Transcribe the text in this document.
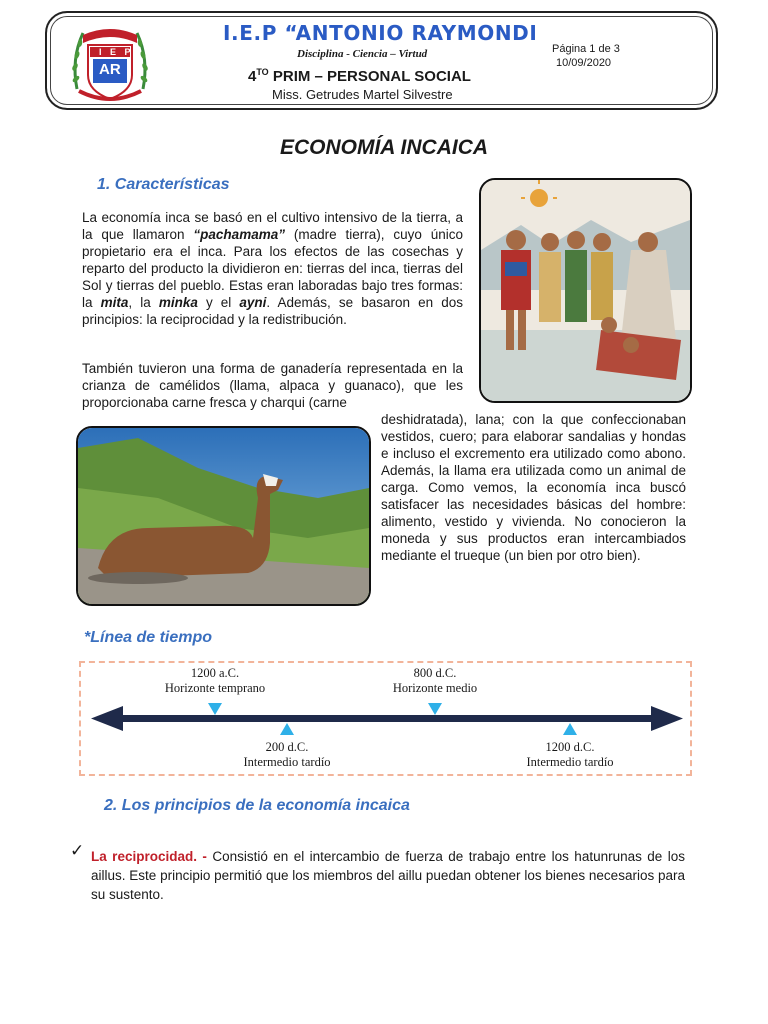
I E P
AR
I.E.P “ANTONIO RAYMONDI
Disciplina - Ciencia – Virtud	Página 1 de 3
10/09/2020
$4^{TO}$ PRIM – PERSONAL SOCIAL
Miss. Getrudes Martel Silvestre
ECONOMÍA INCAICA
1. Características
La economía inca se basó en el cultivo intensivo de la tierra, a la que llamaron “pachamama” (madre tierra), cuyo único propietario era el inca. Para los efectos de las cosechas y reparto del producto la dividieron en: tierras del inca, tierras del Sol y tierras del pueblo. Estas eran laboradas bajo tres formas: la mita, la minka y el ayni. Además, se basaron en dos principios: la reciprocidad y la redistribución.
También tuvieron una forma de ganadería representada en la crianza de camélidos (llama, alpaca y guanaco), que les proporcionaba carne fresca y charqui (carne
deshidratada), lana; con la que confeccionaban vestidos, cuero; para elaborar sandalias y hondas e incluso el excremento era utilizado como abono. Además, la llama era utilizada como un animal de carga. Como vemos, la economía inca buscó satisfacer las necesidades básicas del hombre: alimento, vestido y vivienda. No conocieron la moneda y sus productos eran intercambiados mediante el trueque (un bien por otro bien).
*Línea de tiempo
1200 a.C.
Horizonte temprano
800 d.C.
Horizonte medio
200 d.C.
Intermedio tardío
1200 d.C.
Intermedio tardío
2. Los principios de la economía incaica
✓ La reciprocidad. - Consistió en el intercambio de fuerza de trabajo entre los hatunrunas de los aillus. Este principio permitió que los miembros del aillu puedan obtener los bienes necesarios para su sustento.
